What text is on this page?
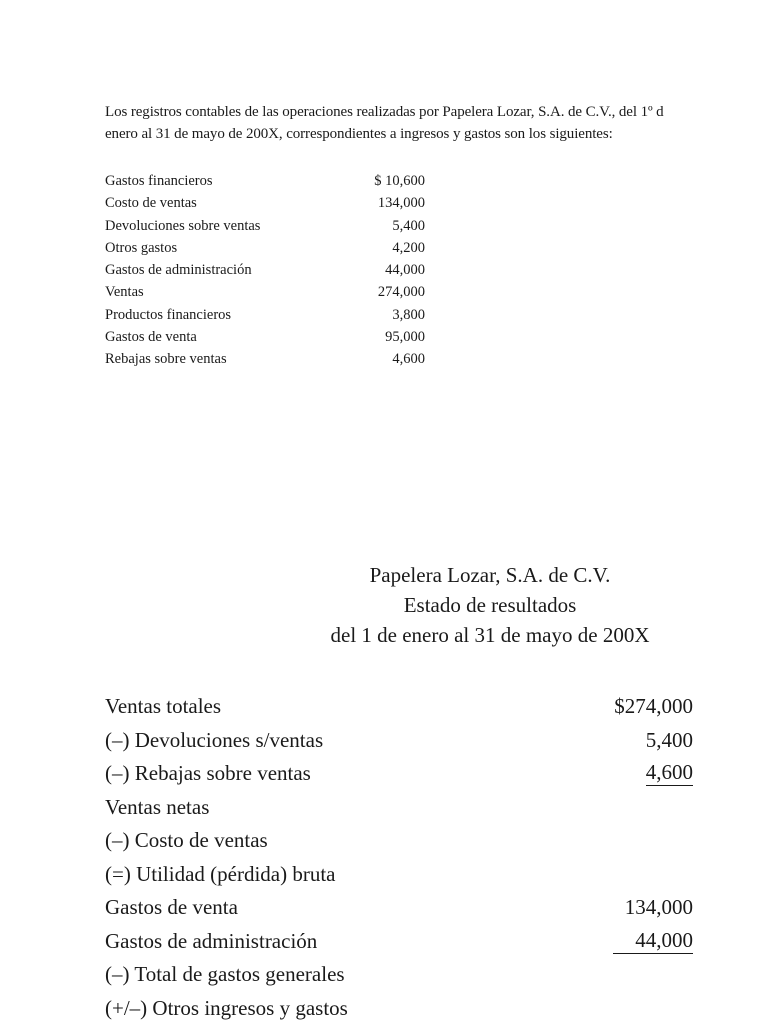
Los registros contables de las operaciones realizadas por Papelera Lozar, S.A. de C.V., del 1º d
enero al 31 de mayo de 200X, correspondientes a ingresos y gastos son los siguientes:
Gastos financieros	$ 10,600
Costo de ventas	134,000
Devoluciones sobre ventas	5,400
Otros gastos	4,200
Gastos de administración	44,000
Ventas	274,000
Productos financieros	3,800
Gastos de venta	95,000
Rebajas sobre ventas	4,600
Papelera Lozar, S.A. de C.V.
Estado de resultados
del 1 de enero al 31 de mayo de 200X
Ventas totales	$274,000
(–) Devoluciones s/ventas	5,400
(–) Rebajas sobre ventas	4,600
Ventas netas
(–) Costo de ventas
(=) Utilidad (pérdida) bruta
Gastos de venta	134,000
Gastos de administración	44,000
(–) Total de gastos generales
(+/–) Otros ingresos y gastos
